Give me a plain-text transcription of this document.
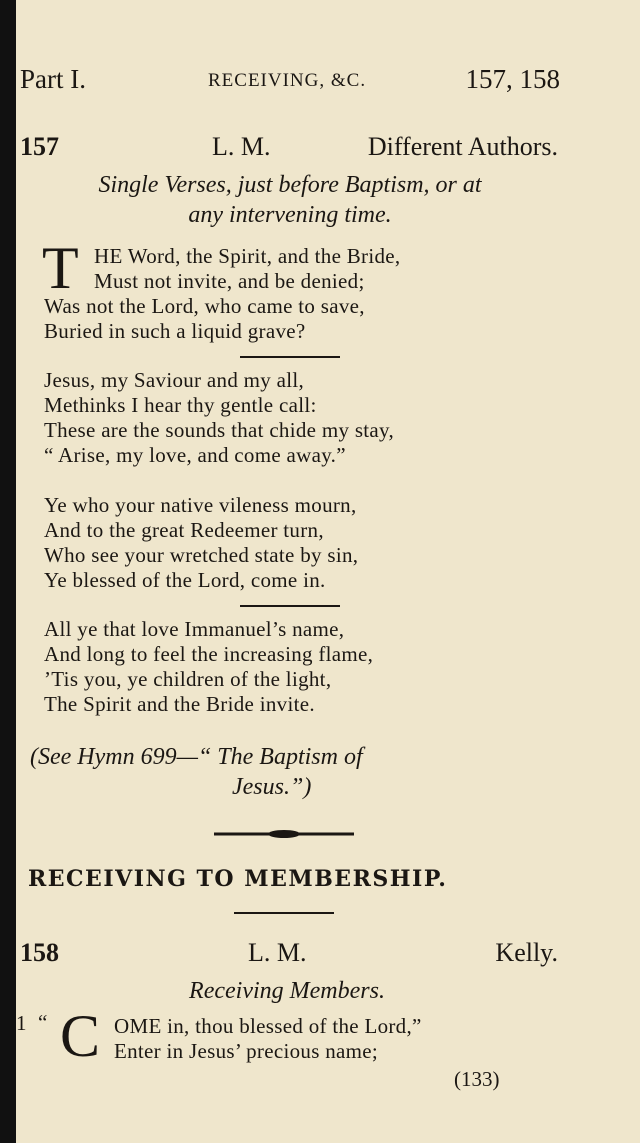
Part I.	RECEIVING, &C.	157, 158
157	L. M.	Different Authors.
Single Verses, just before Baptism, or at
any intervening time.
T HE Word, the Spirit, and the Bride,
Must not invite, and be denied;
Was not the Lord, who came to save,
Buried in such a liquid grave?
Jesus, my Saviour and my all,
Methinks I hear thy gentle call:
These are the sounds that chide my stay,
“ Arise, my love, and come away.”
Ye who your native vileness mourn,
And to the great Redeemer turn,
Who see your wretched state by sin,
Ye blessed of the Lord, come in.
All ye that love Immanuel’s name,
And long to feel the increasing flame,
’Tis you, ye children of the light,
The Spirit and the Bride invite.
(See Hymn 699—“ The Baptism of
Jesus.”)
RECEIVING TO MEMBERSHIP.
158	L. M.	Kelly.
Receiving Members.
1 “ C OME in, thou blessed of the Lord,”
Enter in Jesus’ precious name;
(133)
